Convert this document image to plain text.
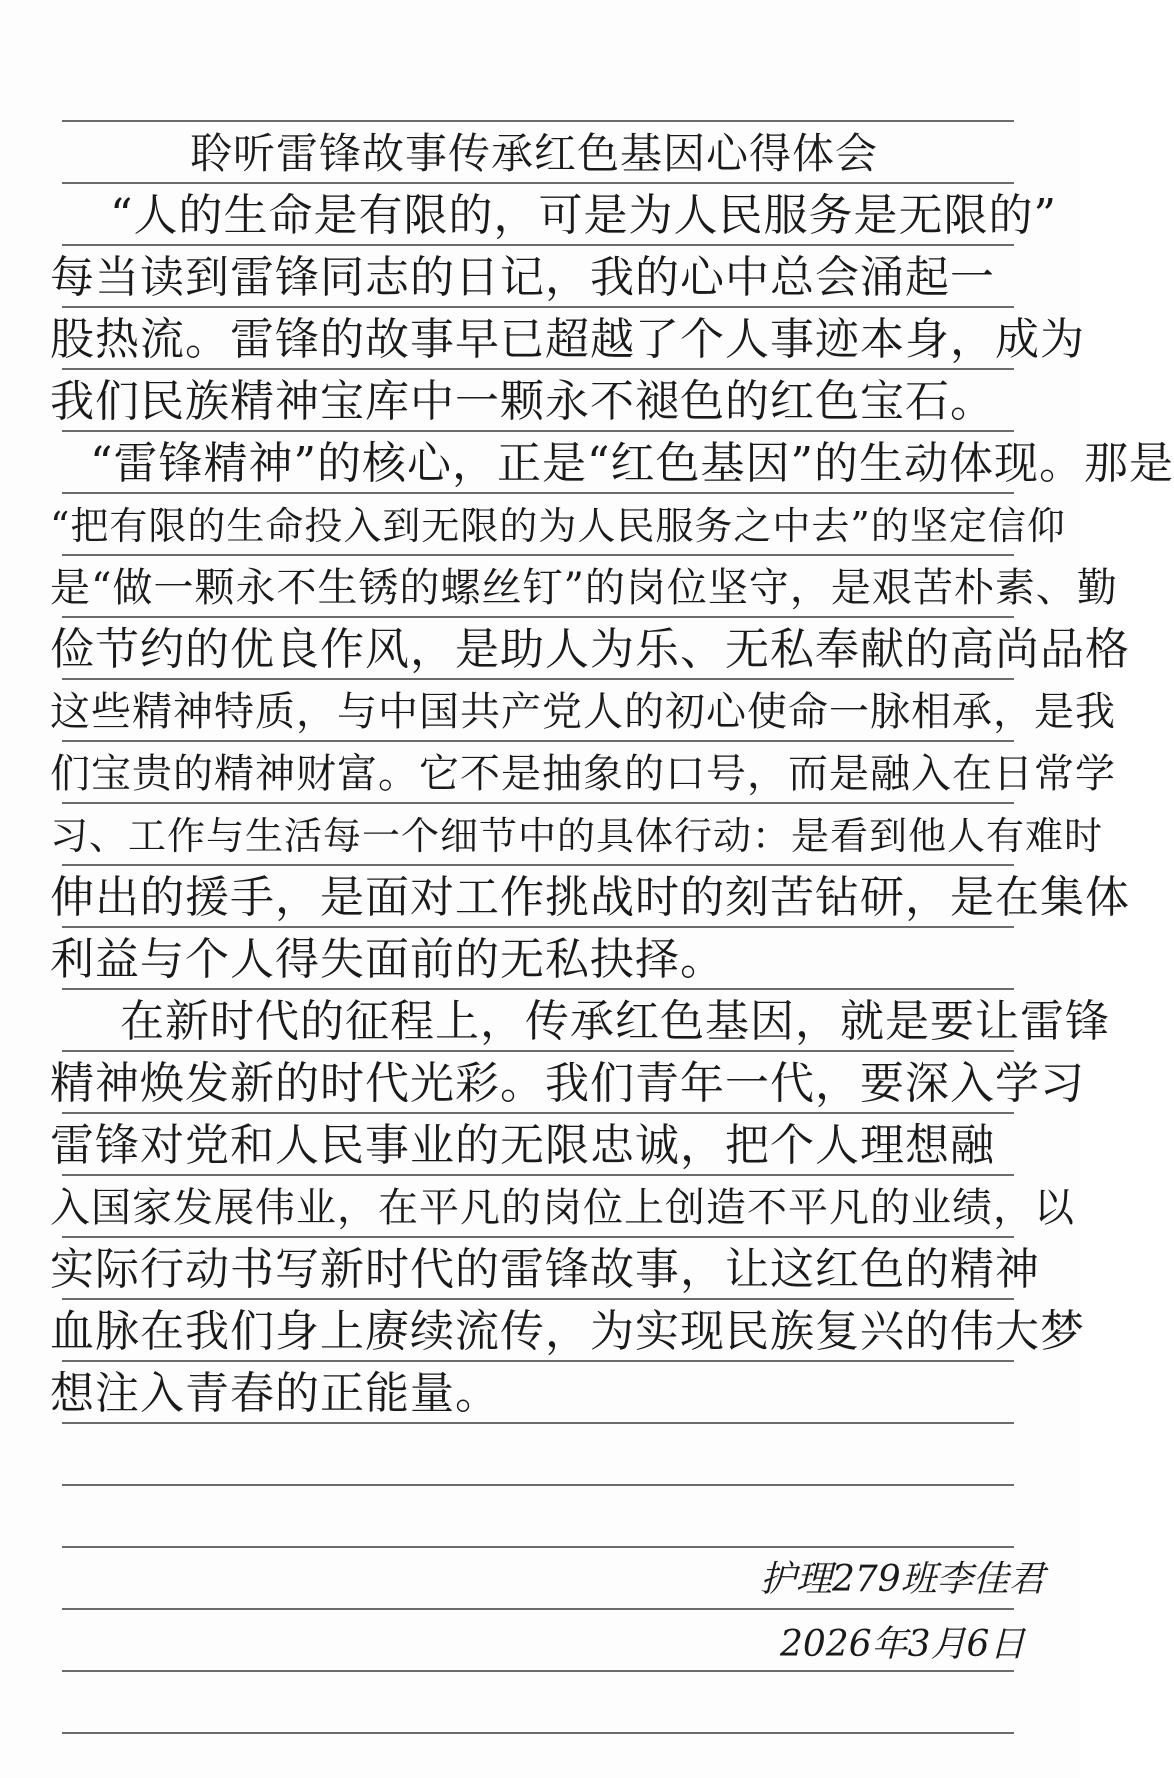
聆听雷锋故事传承红色基因心得体会
“人的生命是有限的，可是为人民服务是无限的”
每当读到雷锋同志的日记，我的心中总会涌起一
股热流。雷锋的故事早已超越了个人事迹本身，成为
我们民族精神宝库中一颗永不褪色的红色宝石。
“雷锋精神”的核心，正是“红色基因”的生动体现。那是
“把有限的生命投入到无限的为人民服务之中去”的坚定信仰
是“做一颗永不生锈的螺丝钉”的岗位坚守，是艰苦朴素、勤
俭节约的优良作风，是助人为乐、无私奉献的高尚品格
这些精神特质，与中国共产党人的初心使命一脉相承，是我
们宝贵的精神财富。它不是抽象的口号，而是融入在日常学
习、工作与生活每一个细节中的具体行动：是看到他人有难时
伸出的援手，是面对工作挑战时的刻苦钻研，是在集体
利益与个人得失面前的无私抉择。
在新时代的征程上，传承红色基因，就是要让雷锋
精神焕发新的时代光彩。我们青年一代，要深入学习
雷锋对党和人民事业的无限忠诚，把个人理想融
入国家发展伟业，在平凡的岗位上创造不平凡的业绩，以
实际行动书写新时代的雷锋故事，让这红色的精神
血脉在我们身上赓续流传，为实现民族复兴的伟大梦
想注入青春的正能量。
护理279班李佳君
2026年3月6日
